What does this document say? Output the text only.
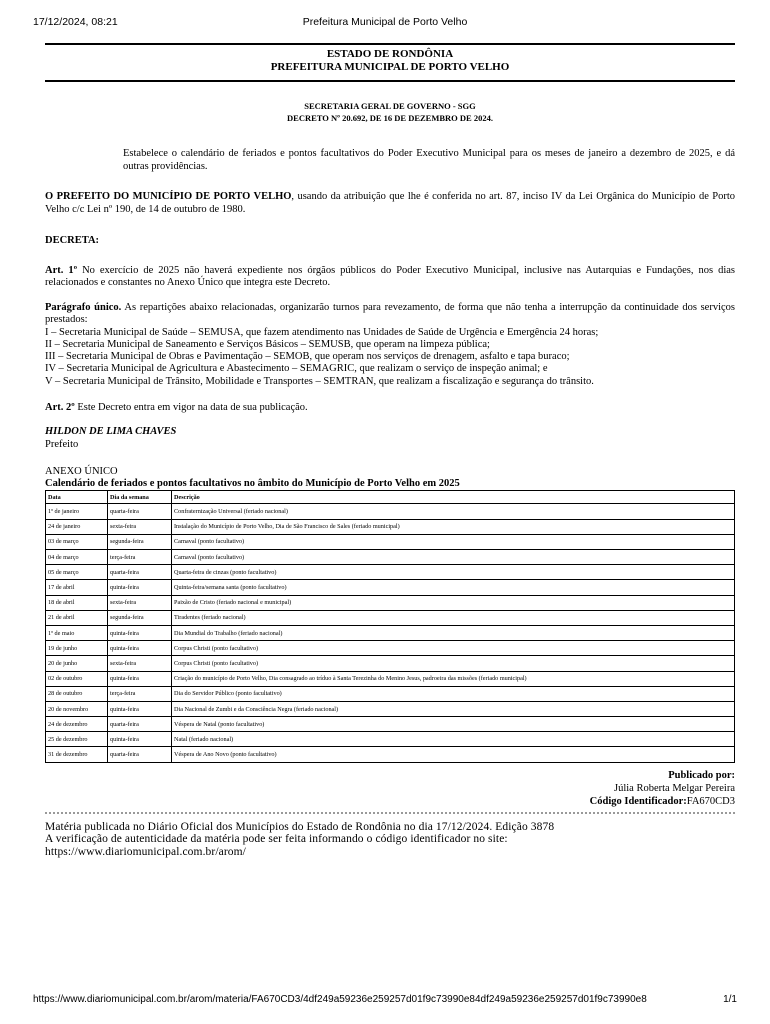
17/12/2024, 08:21	Prefeitura Municipal de Porto Velho
ESTADO DE RONDÔNIA
PREFEITURA MUNICIPAL DE PORTO VELHO
SECRETARIA GERAL DE GOVERNO - SGG
DECRETO Nº 20.692, DE 16 DE DEZEMBRO DE 2024.

Estabelece o calendário de feriados e pontos facultativos do Poder Executivo Municipal para os meses de janeiro a dezembro de 2025, e dá outras providências.

O PREFEITO DO MUNICÍPIO DE PORTO VELHO, usando da atribuição que lhe é conferida no art. 87, inciso IV da Lei Orgânica do Município de Porto Velho c/c Lei nº 190, de 14 de outubro de 1980.

DECRETA:

Art. 1º No exercício de 2025 não haverá expediente nos órgãos públicos do Poder Executivo Municipal, inclusive nas Autarquias e Fundações, nos dias relacionados e constantes no Anexo Único que integra este Decreto.

Parágrafo único. As repartições abaixo relacionadas, organizarão turnos para revezamento, de forma que não tenha a interrupção da continuidade dos serviços prestados:

I – Secretaria Municipal de Saúde – SEMUSA, que fazem atendimento nas Unidades de Saúde de Urgência e Emergência 24 horas;
II – Secretaria Municipal de Saneamento e Serviços Básicos – SEMUSB, que operam na limpeza pública;
III – Secretaria Municipal de Obras e Pavimentação – SEMOB, que operam nos serviços de drenagem, asfalto e tapa buraco;
IV – Secretaria Municipal de Agricultura e Abastecimento – SEMAGRIC, que realizam o serviço de inspeção animal; e
V – Secretaria Municipal de Trânsito, Mobilidade e Transportes – SEMTRAN, que realizam a fiscalização e segurança do trânsito.

Art. 2º Este Decreto entra em vigor na data de sua publicação.

HILDON DE LIMA CHAVES

Prefeito

ANEXO ÚNICO
Calendário de feriados e pontos facultativos no âmbito do Município de Porto Velho em 2025
Data	Dia da semana	Descrição
1º de janeiro	quarta-feira	Confraternização Universal (feriado nacional)
24 de janeiro	sexta-feira	Instalação do Município de Porto Velho, Dia de São Francisco de Sales (feriado municipal)
03 de março	segunda-feira	Carnaval (ponto facultativo)
04 de março	terça-feira	Carnaval (ponto facultativo)
05 de março	quarta-feira	Quarta-feira de cinzas (ponto facultativo)
17 de abril	quinta-feira	Quinta-feira/semana santa (ponto facultativo)
18 de abril	sexta-feira	Paixão de Cristo (feriado nacional e municipal)
21 de abril	segunda-feira	Tiradentes (feriado nacional)
1º de maio	quinta-feira	Dia Mundial do Trabalho (feriado nacional)
19 de junho	quinta-feira	Corpus Christi (ponto facultativo)
20 de junho	sexta-feira	Corpus Christi (ponto facultativo)
02 de outubro	quinta-feira	Criação do município de Porto Velho, Dia consagrado ao tríduo à Santa Terezinha do Menino Jesus, padroeira das missões (feriado municipal)
28 de outubro	terça-feira	Dia do Servidor Público (ponto facultativo)
20 de novembro	quinta-feira	Dia Nacional de Zumbi e da Consciência Negra (feriado nacional)
24 de dezembro	quarta-feira	Véspera de Natal (ponto facultativo)
25 de dezembro	quinta-feira	Natal (feriado nacional)
31 de dezembro	quarta-feira	Véspera de Ano Novo (ponto facultativo)
Publicado por:
Júlia Roberta Melgar Pereira
Código Identificador:FA670CD3
Matéria publicada no Diário Oficial dos Municípios do Estado de Rondônia no dia 17/12/2024. Edição 3878
A verificação de autenticidade da matéria pode ser feita informando o código identificador no site:
https://www.diariomunicipal.com.br/arom/
https://www.diariomunicipal.com.br/arom/materia/FA670CD3/4df249a59236e259257d01f9c73990e84df249a59236e259257d01f9c73990e8	1/1
